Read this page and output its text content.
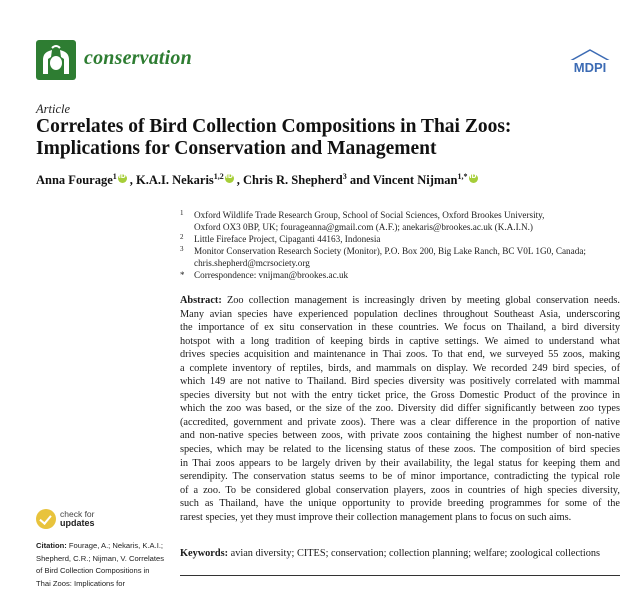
conservation	MDPI
Article
Correlates of Bird Collection Compositions in Thai Zoos:
Implications for Conservation and Management
Anna Fourage$^1$ iD , K.A.I. Nekaris$^{1,2}$ iD , Chris R. Shepherd$^3$ and Vincent Nijman$^{1,*}$iD
1 Oxford Wildlife Trade Research Group, School of Social Sciences, Oxford Brookes University,
Oxford OX3 0BP, UK; fourageanna@gmail.com (A.F.); anekaris@brookes.ac.uk (K.A.I.N.)
2 Little Fireface Project, Cipaganti 44163, Indonesia
3 Monitor Conservation Research Society (Monitor), P.O. Box 200, Big Lake Ranch, BC V0L 1G0, Canada;
chris.shepherd@mcrsociety.org
* Correspondence: vnijman@brookes.ac.uk
Abstract: Zoo collection management is increasingly driven by meeting global conservation needs.
Many avian species have experienced population declines throughout Southeast Asia, underscoring
the importance of ex situ conservation in these countries. We focus on Thailand, a bird diversity
hotspot with a long tradition of keeping birds in captive settings. We aimed to understand what
drives species acquisition and maintenance in Thai zoos. To that end, we surveyed 55 zoos, making
a complete inventory of reptiles, birds, and mammals on display. We recorded 249 bird species, of
which 149 are not native to Thailand. Bird species diversity was positively correlated with mammal
species diversity but not with the entry ticket price, the Gross Domestic Product of the province in
which the zoo was based, or the size of the zoo. Diversity did differ significantly between zoo types
(accredited, government and private zoos). There was a clear difference in the proportion of native
and non-native species between zoos, with private zoos containing the highest number of non-native
species, which may be related to the licensing status of these zoos. The composition of bird species
in Thai zoos appears to be largely driven by their availability, the legal status for keeping them and
serendipity. The conservation status seems to be of minor importance, contradicting the typical role
of a zoo. To be considered global conservation players, zoos in countries of high species diversity,
such as Thailand, have the unique opportunity to provide breeding programmes for some of the
rarest species, yet they must improve their collection management plans to focus on such aims.
Keywords: avian diversity; CITES; conservation; collection planning; welfare; zoological collections
check for
updates
Citation: Fourage, A.; Nekaris, K.A.I.;
Shepherd, C.R.; Nijman, V. Correlates
of Bird Collection Compositions in
Thai Zoos: Implications for
